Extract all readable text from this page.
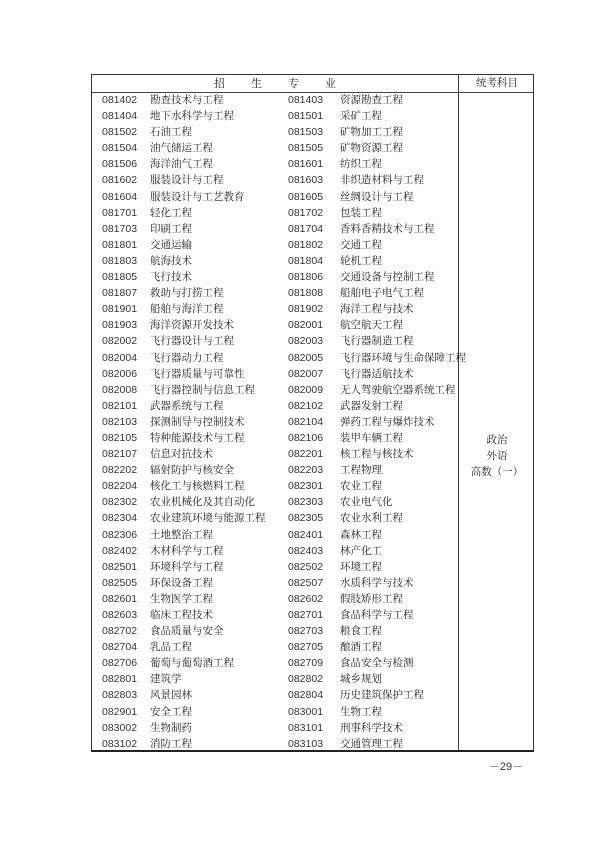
招 生 专 业	统考科目
081402 勘查技术与工程	081403 资源勘查工程
081404 地下水科学与工程	081501 采矿工程
081502 石油工程	081503 矿物加工工程
081504 油气储运工程	081505 矿物资源工程
081506 海洋油气工程	081601 纺织工程
081602 服装设计与工程	081603 非织造材料与工程
081604 服装设计与工艺教育	081605 丝绸设计与工程
081701 轻化工程	081702 包装工程
081703 印刷工程	081704 香料香精技术与工程
081801 交通运输	081802 交通工程
081803 航海技术	081804 轮机工程
081805 飞行技术	081806 交通设备与控制工程
081807 救助与打捞工程	081808 船舶电子电气工程
081901 船舶与海洋工程	081902 海洋工程与技术
081903 海洋资源开发技术	082001 航空航天工程
082002 飞行器设计与工程	082003 飞行器制造工程
082004 飞行器动力工程	082005 飞行器环境与生命保障工程
082006 飞行器质量与可靠性	082007 飞行器适航技术
082008 飞行器控制与信息工程	082009 无人驾驶航空器系统工程
082101 武器系统与工程	082102 武器发射工程
082103 探测制导与控制技术	082104 弹药工程与爆炸技术
082105 特种能源技术与工程	082106 装甲车辆工程
082107 信息对抗技术	082201 核工程与核技术
082202 辐射防护与核安全	082203 工程物理
082204 核化工与核燃料工程	082301 农业工程
082302 农业机械化及其自动化	082303 农业电气化
082304 农业建筑环境与能源工程 082305 农业水利工程
082306 土地整治工程	082401 森林工程
082402 木材科学与工程	082403 林产化工
082501 环境科学与工程	082502 环境工程
082505 环保设备工程	082507 水质科学与技术
082601 生物医学工程	082602 假肢矫形工程
082603 临床工程技术	082701 食品科学与工程
082702 食品质量与安全	082703 粮食工程
082704 乳品工程	082705 酿酒工程
082706 葡萄与葡萄酒工程	082709 食品安全与检测
082801 建筑学	082802 城乡规划
082803 风景园林	082804 历史建筑保护工程
082901 安全工程	083001 生物工程
083002 生物制药	083101 刑事科学技术
083102 消防工程	083103 交通管理工程
政治
外语
高数（一）
－29－
